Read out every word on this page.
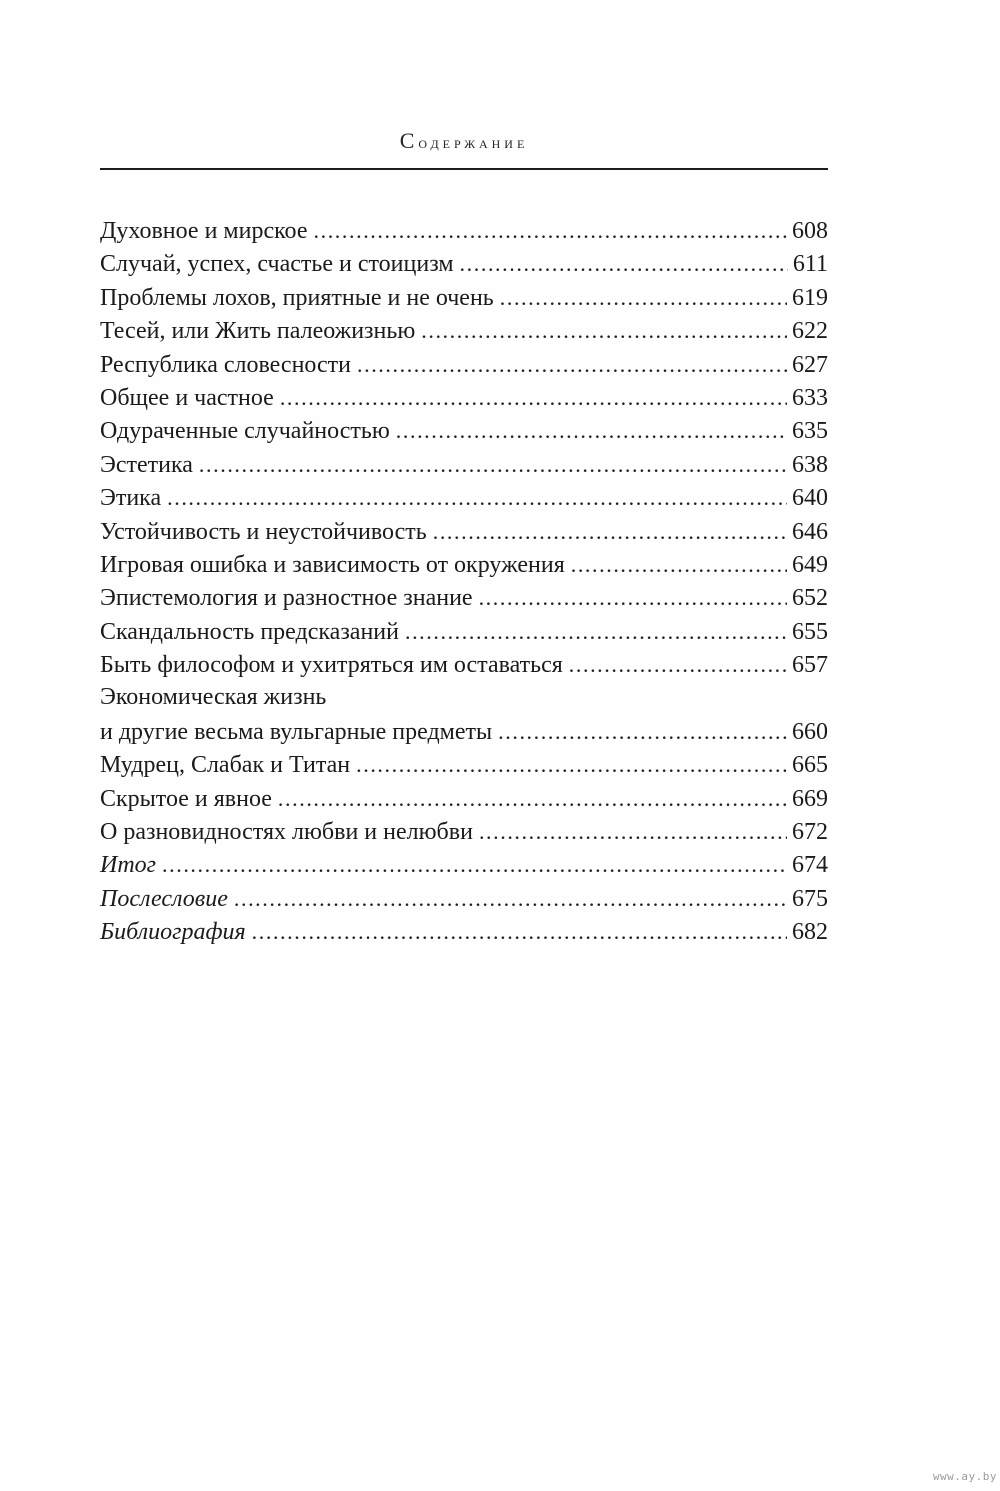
Содержание
Духовное и мирское .....	608
Случай, успех, счастье и стоицизм .....	611
Проблемы лохов, приятные и не очень .....	619
Тесей, или Жить палеожизнью .....	622
Республика словесности .....	627
Общее и частное .....	633
Одураченные случайностью .....	635
Эстетика .....	638
Этика .....	640
Устойчивость и неустойчивость .....	646
Игровая ошибка и зависимость от окружения .....	649
Эпистемология и разностное знание .....	652
Скандальность предсказаний .....	655
Быть философом и ухитряться им оставаться .....	657
Экономическая жизнь
и другие весьма вульгарные предметы .....	660
Мудрец, Слабак и Титан .....	665
Скрытое и явное .....	669
О разновидностях любви и нелюбви .....	672
Итог .....	674
Послесловие .....	675
Библиография .....	682
www.ay.by
